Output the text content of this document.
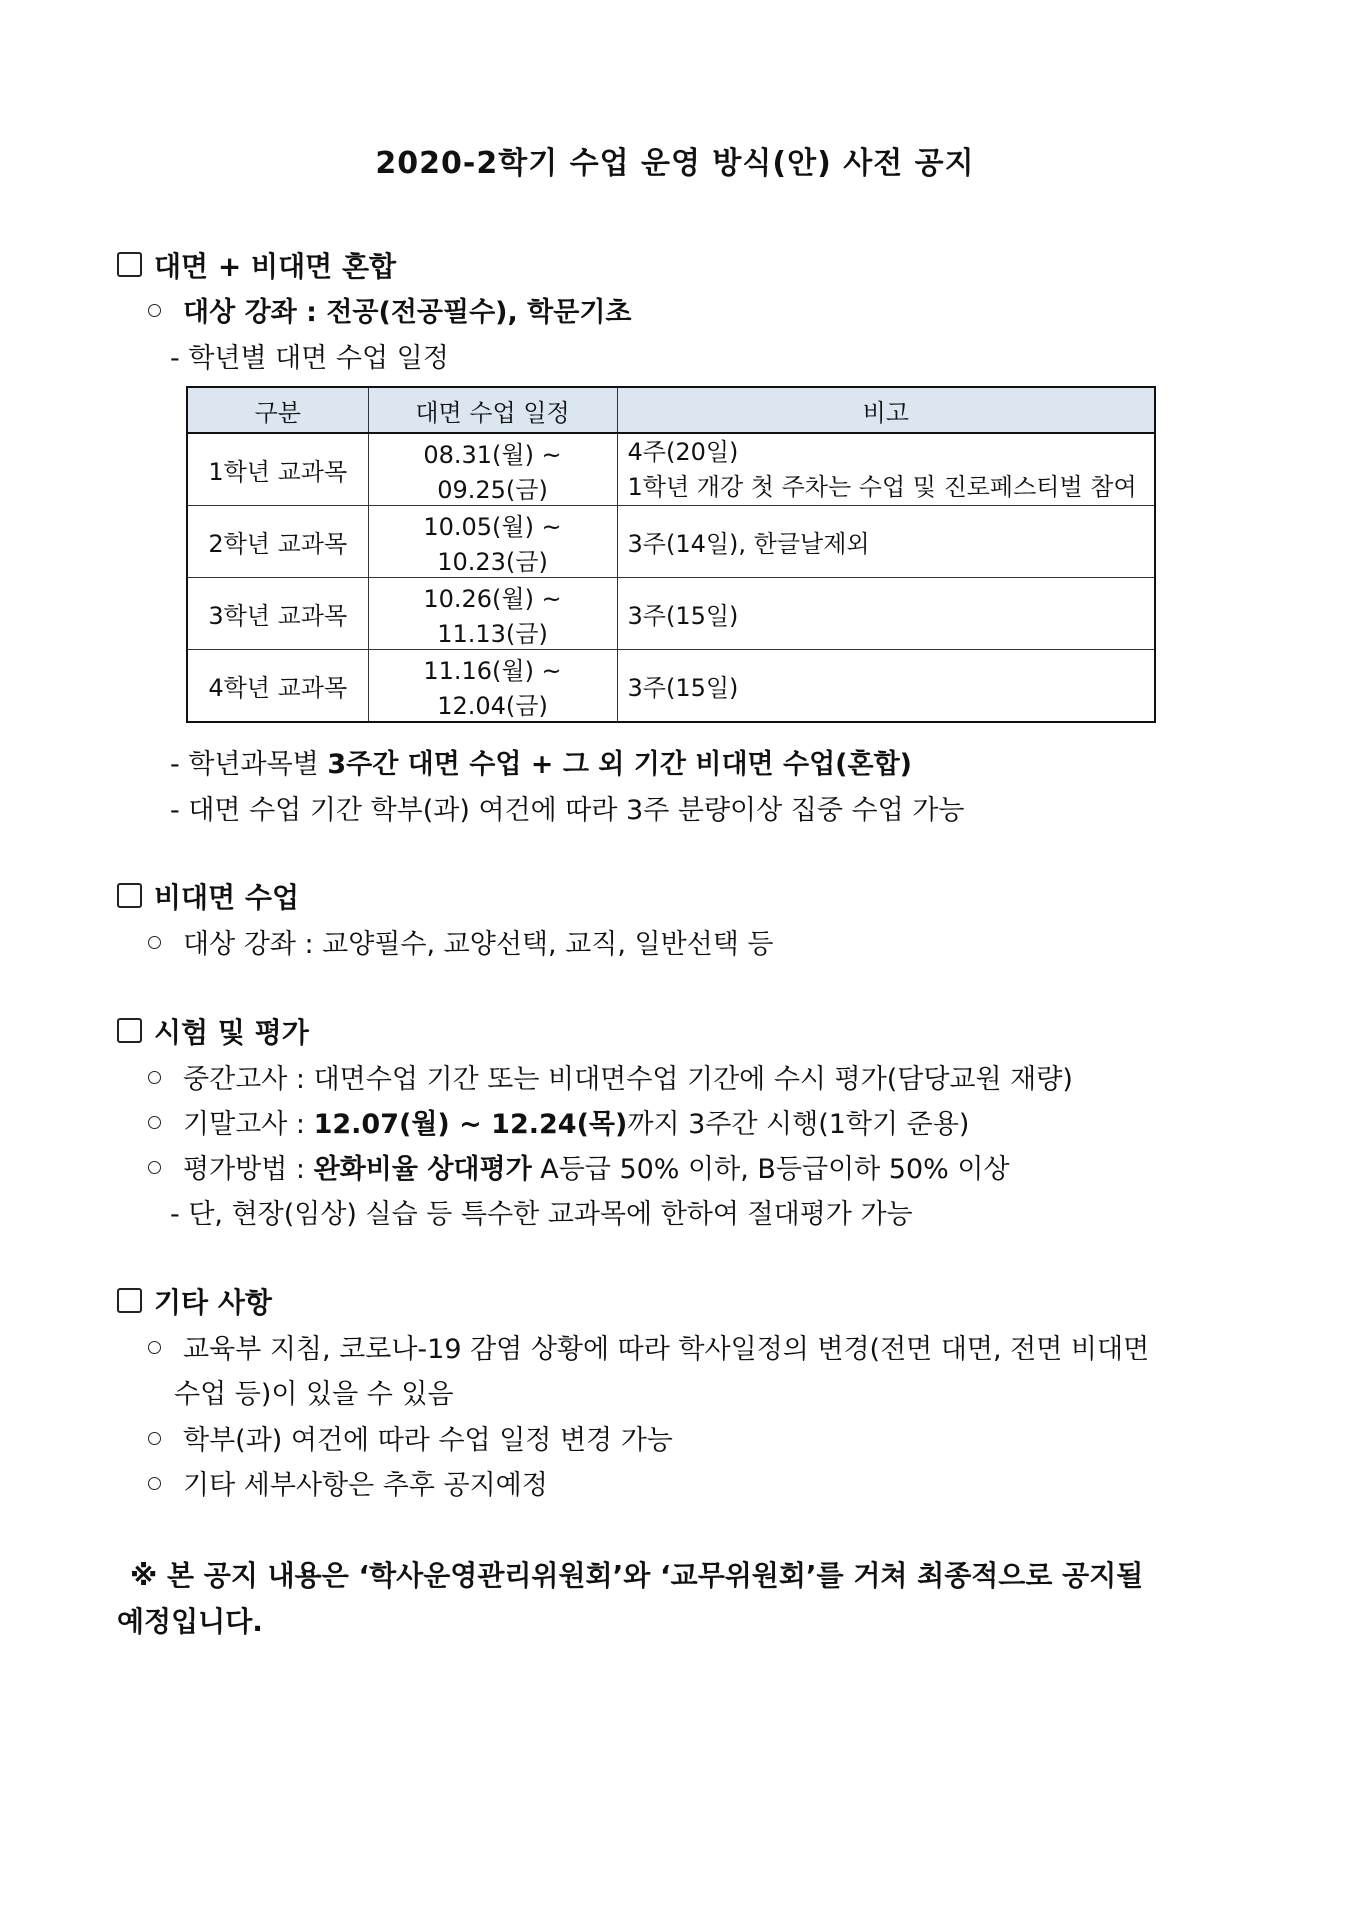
2020-2학기 수업 운영 방식(안) 사전 공지
대면 + 비대면 혼합
대상 강좌 : 전공(전공필수), 학문기초
- 학년별 대면 수업 일정
구분	대면 수업 일정	비고
1학년 교과목	08.31(월) ~ 09.25(금)	4주(20일)
1학년 개강 첫 주차는 수업 및 진로페스티벌 참여

2학년 교과목	10.05(월) ~ 10.23(금)	3주(14일), 한글날제외
3학년 교과목	10.26(월) ~ 11.13(금)	3주(15일)
4학년 교과목	11.16(월) ~ 12.04(금)	3주(15일)
- 학년과목별 3주간 대면 수업 + 그 외 기간 비대면 수업(혼합)
- 대면 수업 기간 학부(과) 여건에 따라 3주 분량이상 집중 수업 가능
비대면 수업
대상 강좌 : 교양필수, 교양선택, 교직, 일반선택 등
시험 및 평가
중간고사 : 대면수업 기간 또는 비대면수업 기간에 수시 평가(담당교원 재량)
기말고사 : 12.07(월) ~ 12.24(목)까지 3주간 시행(1학기 준용)
평가방법 : 완화비율 상대평가 A등급 50% 이하, B등급이하 50% 이상
- 단, 현장(임상) 실습 등 특수한 교과목에 한하여 절대평가 가능
기타 사항
교육부 지침, 코로나-19 감염 상황에 따라 학사일정의 변경(전면 대면, 전면 비대면
수업 등)이 있을 수 있음
학부(과) 여건에 따라 수업 일정 변경 가능
기타 세부사항은 추후 공지예정
※ 본 공지 내용은 ‘학사운영관리위원회’와 ‘교무위원회’를 거쳐 최종적으로 공지될
예정입니다.
